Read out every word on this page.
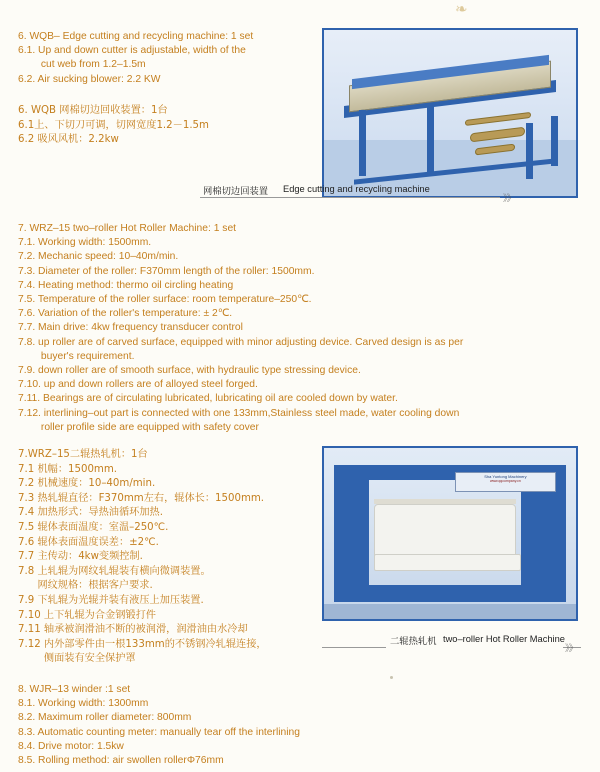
❧
6. WQB– Edge cutting and recycling machine: 1 set
6.1. Up and down cutter is adjustable, width of the
cut web from 1.2–1.5m
6.2. Air sucking blower: 2.2 KW
6. WQB 网棉切边回收装置：1台
6.1上、下切刀可调，切网宽度1.2－1.5m
6.2 吸风风机：2.2kw
网棉切边回装置 Edge cutting and recycling machine
》》
7. WRZ–15 two–roller Hot Roller Machine: 1 set
7.1. Working width: 1500mm.
7.2. Mechanic speed: 10–40m/min.
7.3. Diameter of the roller: F370mm length of the roller: 1500mm.
7.4. Heating method: thermo oil circling heating
7.5. Temperature of the roller surface: room temperature–250℃.
7.6. Variation of the roller's temperature: ± 2℃.
7.7. Main drive: 4kw frequency transducer control
7.8. up roller are of carved surface, equipped with minor adjusting device. Carved design is as per
buyer's requirement.
7.9. down roller are of smooth surface, with hydraulic type stressing device.
7.10. up and down rollers are of alloyed steel forged.
7.11. Bearings are of circulating lubricated, lubricating oil are cooled down by water.
7.12. interlining–out part is connected with one 133mm,Stainless steel made, water cooling down
roller profile side are equipped with safety cover
7.WRZ–15二辊热轧机：1台
7.1 机幅：1500mm.
7.2 机械速度：10–40m/min.
7.3 热轧辊直径：F370mm左右，辊体长：1500mm.
7.4 加热形式：导热油循环加热.
7.5 辊体表面温度：室温–250℃.
7.6 辊体表面温度误差：±2℃.
7.7 主传动：4kw变频控制.
7.8 上轧辊为网纹轧辊装有横向微调装置。
网纹规格：根据客户要求.
7.9 下轧辊为光辊并装有液压上加压装置.
7.10 上下轧辊为合金钢锻打件
7.11 轴承被润滑油不断的被润滑，润滑油由水冷却
7.12 内外部零件由一根133mm的不锈钢冷轧辊连接，
侧面装有安全保护罩
Sha Yuntong Machinery
www.qqcompany.cn
二辊热轧机 two–roller Hot Roller Machine
》》
8. WJR–13 winder :1 set
8.1. Working width: 1300mm
8.2. Maximum roller diameter: 800mm
8.3. Automatic counting meter: manually tear off the interlining
8.4. Drive motor: 1.5kw
8.5. Rolling method: air swollen rollerΦ76mm
